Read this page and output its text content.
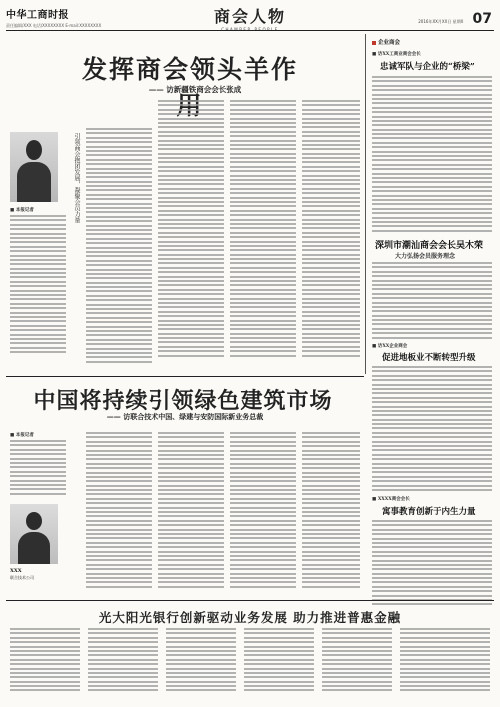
中华工商时报
责任编辑/XXX 电话/XXXXXXXX E-mail:XXXXXXXX	商会人物	2016年XX月XX日 星期X 07
发挥商会领头羊作
—— 访新疆铁商会会长张成
引领商会抱团发展，凝聚会员力量
■ 本报记者
企业商会
■ 访XX工商业商会会长
忠诚军队与企业的“桥梁”
深圳市潮汕商会会长吴木荣
大力弘扬会员服务理念
■ 访XX企业商会
促进地板业不断转型升级
■ XXXX商会会长
寓事教育创新于内生力量
中国将持续引领绿色建筑市场
—— 访联合技术中国、绿建与安防国际新业务总裁
■ 本报记者
XXX
联合技术公司
光大阳光银行创新驱动业务发展 助力推进普惠金融
